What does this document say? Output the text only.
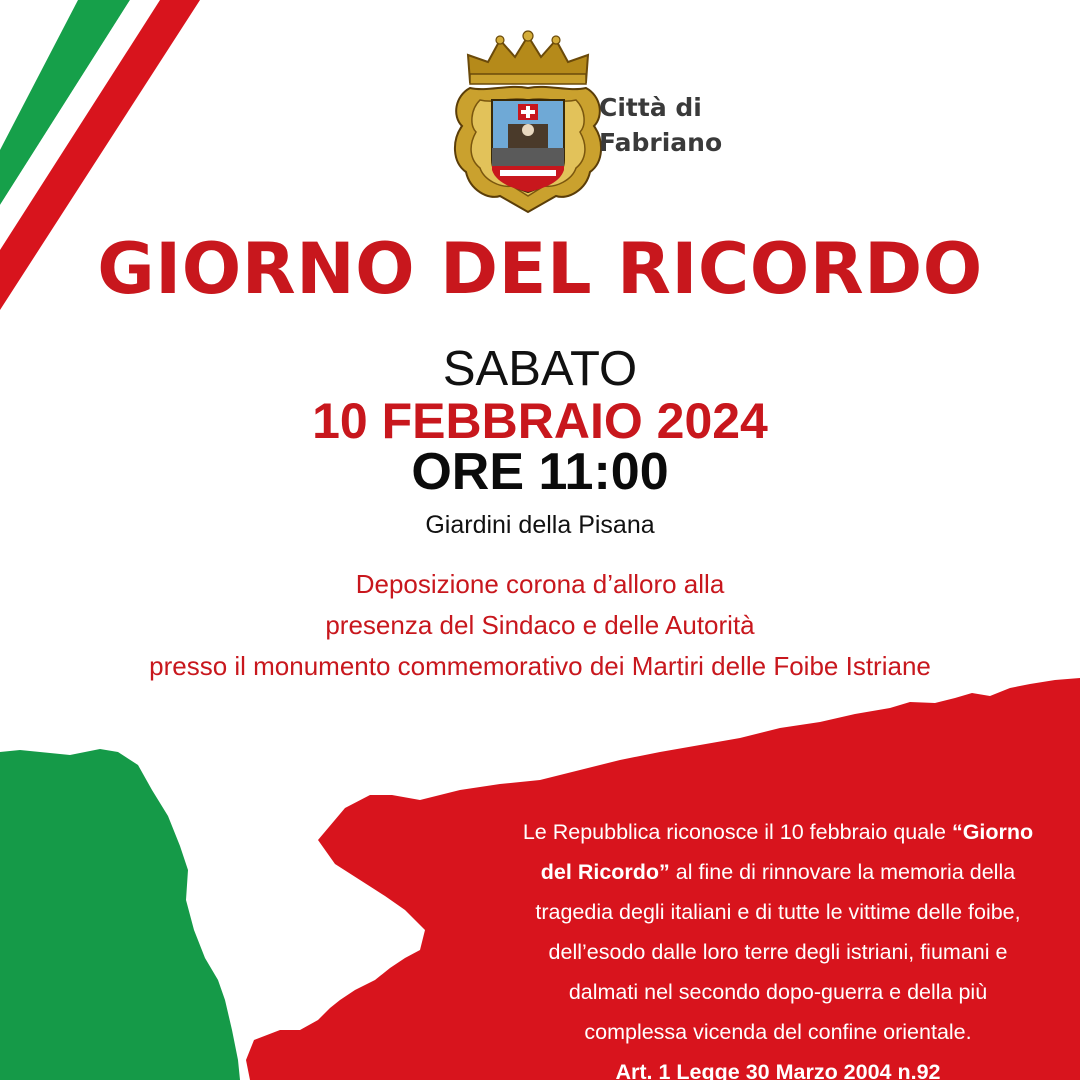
Città di
Fabriano
GIORNO DEL RICORDO
SABATO
10 FEBBRAIO 2024
ORE 11:00
Giardini della Pisana
Deposizione corona d’alloro alla
presenza del Sindaco e delle Autorità
presso il monumento commemorativo dei Martiri delle Foibe Istriane
Le Repubblica riconosce il 10 febbraio quale “Giorno
del Ricordo” al fine di rinnovare la memoria della
tragedia degli italiani e di tutte le vittime delle foibe,
dell’esodo dalle loro terre degli istriani, fiumani e
dalmati nel secondo dopo-guerra e della più
complessa vicenda del confine orientale.
Art. 1 Legge 30 Marzo 2004 n.92
